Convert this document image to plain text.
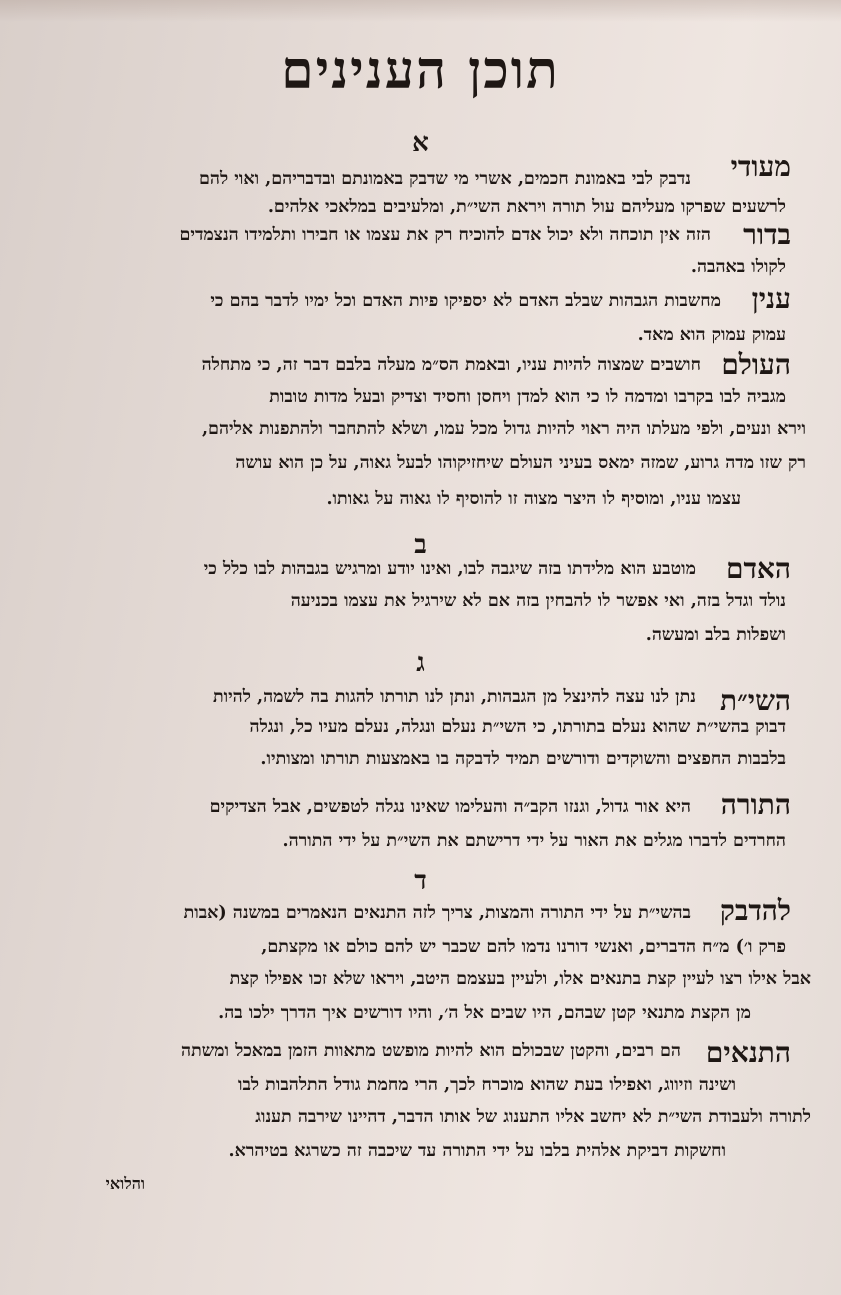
תוכן הענינים
א
ב
ג
ד
מעודי
נדבק לבי באמונת חכמים, אשרי מי שדבק באמונתם ובדבריהם, ואוי להם
לרשעים שפרקו מעליהם עול תורה ויראת השי״ת, ומלעיבים במלאכי אלהים.
בדור
הזה אין תוכחה ולא יכול אדם להוכיח רק את עצמו או חבירו ותלמידו הנצמדים
לקולו באהבה.
ענין
מחשבות הגבהות שבלב האדם לא יספיקו פיות האדם וכל ימיו לדבר בהם כי
עמוק עמוק הוא מאד.
העולם
חושבים שמצוה להיות עניו, ובאמת הס״מ מעלה בלבם דבר זה, כי מתחלה
מגביה לבו בקרבו ומדמה לו כי הוא למדן ויחסן וחסיד וצדיק ובעל מדות טובות
וירא ונעים, ולפי מעלתו היה ראוי להיות גדול מכל עמו, ושלא להתחבר ולהתפנות אליהם,
רק שזו מדה גרוע, שמזה ימאס בעיני העולם שיחזיקוהו לבעל גאוה, על כן הוא עושה
עצמו עניו, ומוסיף לו היצר מצוה זו להוסיף לו גאוה על גאותו.
האדם
מוטבע הוא מלידתו בזה שיגבה לבו, ואינו יודע ומרגיש בגבהות לבו כלל כי
נולד וגדל בזה, ואי אפשר לו להבחין בזה אם לא שירגיל את עצמו בכניעה
ושפלות בלב ומעשה.
השי״ת
נתן לנו עצה להינצל מן הגבהות, ונתן לנו תורתו להגות בה לשמה, להיות
דבוק בהשי״ת שהוא נעלם בתורתו, כי השי״ת נעלם ונגלה, נעלם מעיו כל, ונגלה
בלבבות החפצים והשוקדים ודורשים תמיד לדבקה בו באמצעות תורתו ומצותיו.
התורה
היא אור גדול, וגנזו הקב״ה והעלימו שאינו נגלה לטפשים, אבל הצדיקים
החרדים לדברו מגלים את האור על ידי דרישתם את השי״ת על ידי התורה.
להדבק
בהשי״ת על ידי התורה והמצות, צריך לזה התנאים הנאמרים במשנה (אבות
פרק ו׳) מ״ח הדברים, ואנשי דורנו נדמו להם שכבר יש להם כולם או מקצתם,
אבל אילו רצו לעיין קצת בתנאים אלו, ולעיין בעצמם היטב, ויראו שלא זכו אפילו קצת
מן הקצת מתנאי קטן שבהם, היו שבים אל ה׳, והיו דורשים איך הדרך ילכו בה.
התנאים
הם רבים, והקטן שבכולם הוא להיות מופשט מתאוות הזמן במאכל ומשתה
ושינה וזיווג, ואפילו בעת שהוא מוכרח לכך, הרי מחמת גודל התלהבות לבו
לתורה ולעבודת השי״ת לא יחשב אליו התענוג של אותו הדבר, דהיינו שירבה תענוג
וחשקות דביקת אלהית בלבו על ידי התורה עד שיכבה זה כשרגא בטיהרא.
והלואי
